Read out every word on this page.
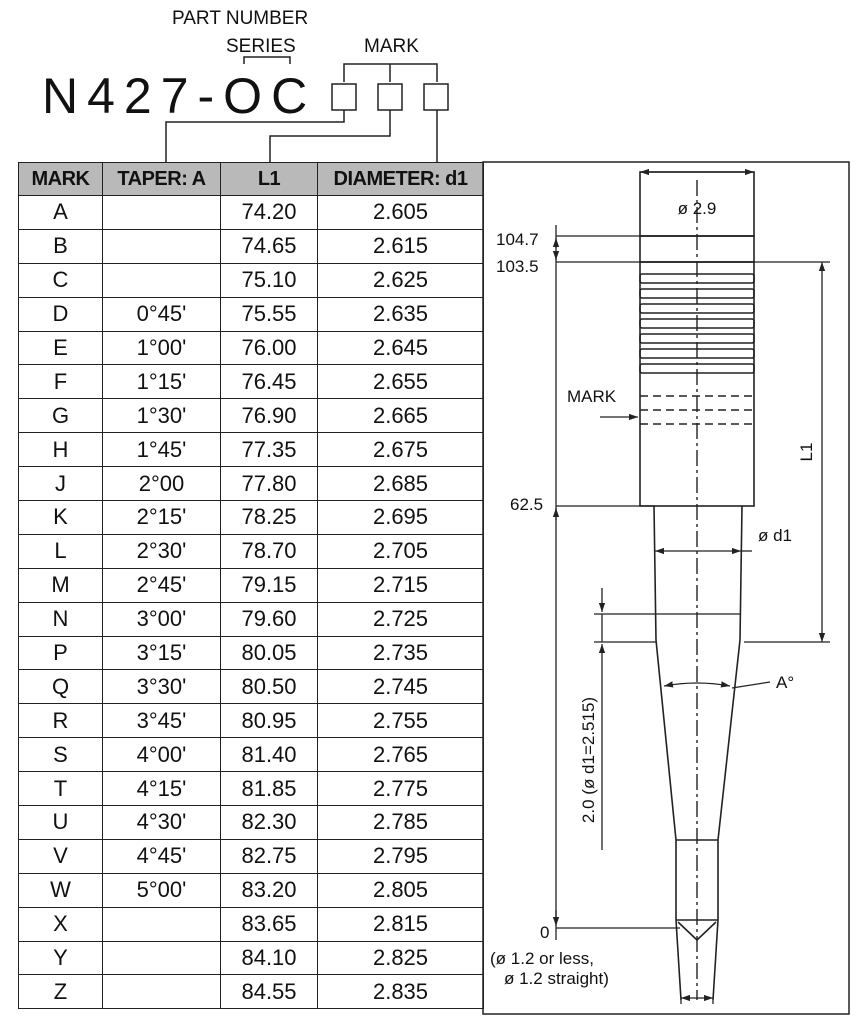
PART NUMBER
SERIES	MARK
N427-OC
MARK	TAPER: A	L1	DIAMETER: d1
A		74.20	2.605
B		74.65	2.615
C		75.10	2.625
D	0°45'	75.55	2.635
E	1°00'	76.00	2.645
F	1°15'	76.45	2.655
G	1°30'	76.90	2.665
H	1°45'	77.35	2.675
J	2°00	77.80	2.685
K	2°15'	78.25	2.695
L	2°30'	78.70	2.705
M	2°45'	79.15	2.715
N	3°00'	79.60	2.725
P	3°15'	80.05	2.735
Q	3°30'	80.50	2.745
R	3°45'	80.95	2.755
S	4°00'	81.40	2.765
T	4°15'	81.85	2.775
U	4°30'	82.30	2.785
V	4°45'	82.75	2.795
W	5°00'	83.20	2.805
X		83.65	2.815
Y		84.10	2.825
Z		84.55	2.835
104.7
103.5
62.5
0
ø 2.9
MARK
ø d1
A°
(ø 1.2 or less,
ø 1.2 straight)
L1
2.0 (ø d1=2.515)
